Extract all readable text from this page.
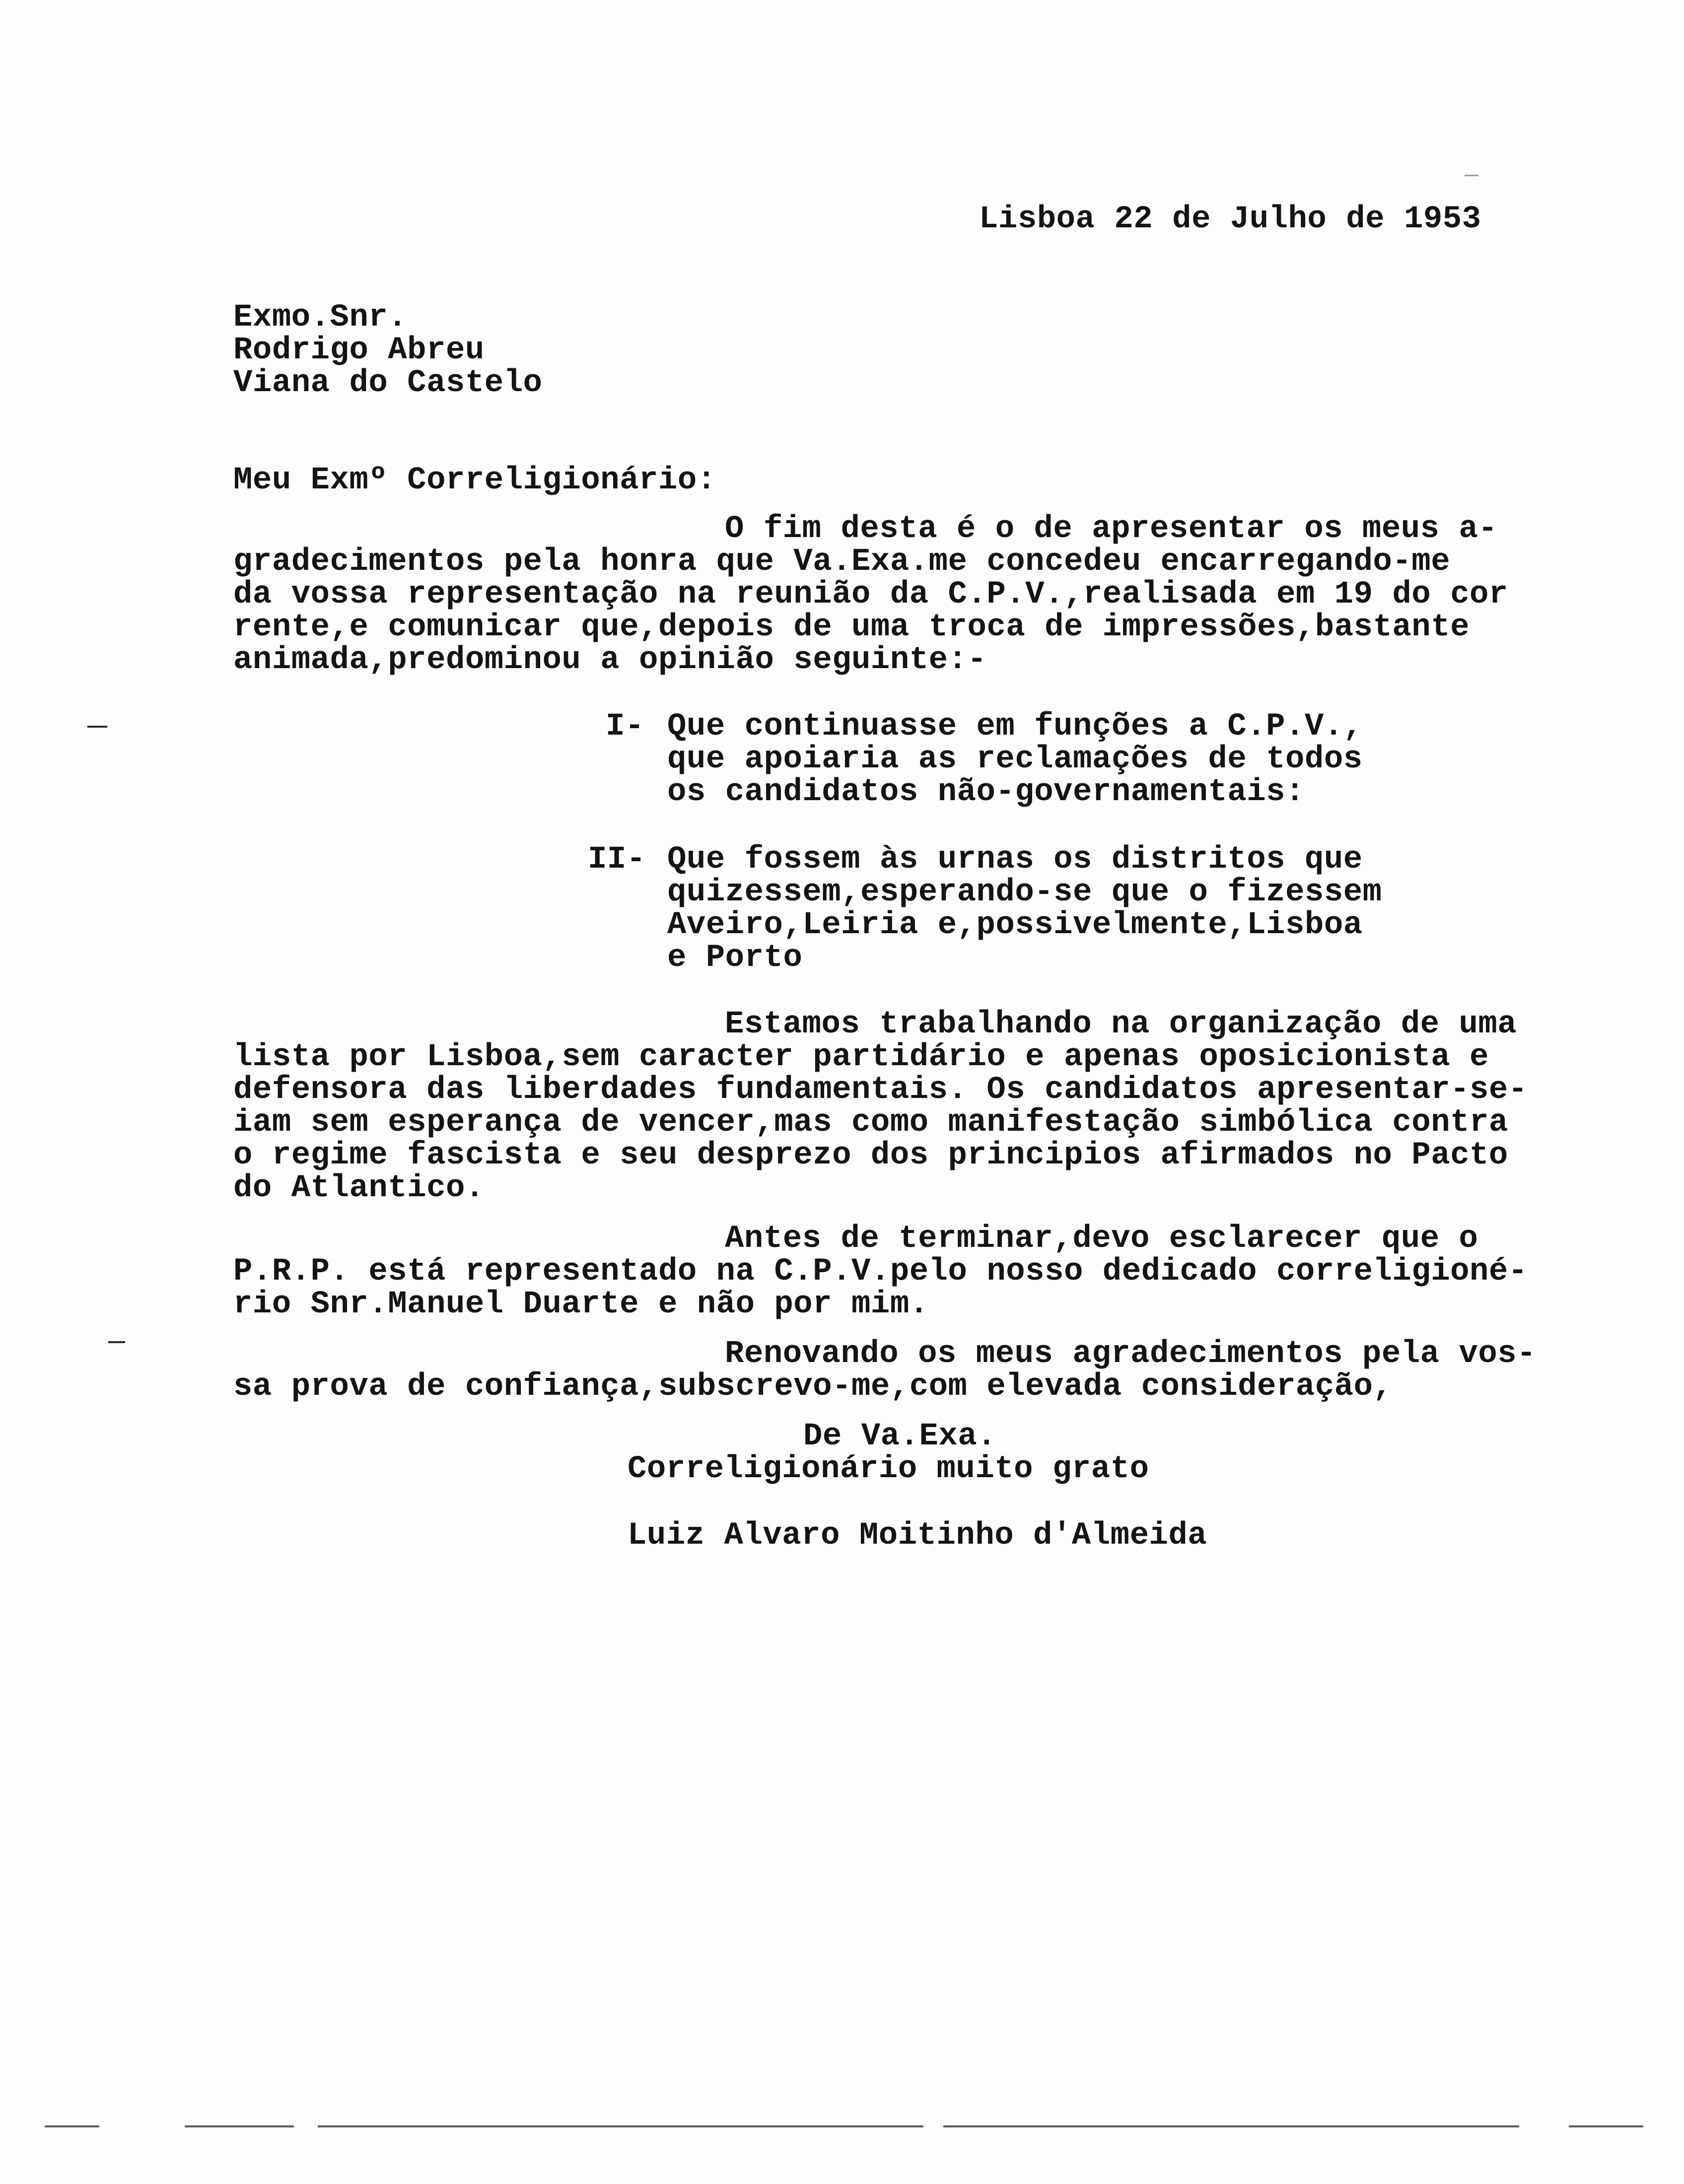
Lisboa 22 de Julho de 1953
Exmo.Snr.
Rodrigo Abreu
Viana do Castelo
Meu Exmº Correligionário:
O fim desta é o de apresentar os meus a-
gradecimentos pela honra que Va.Exa.me concedeu encarregando-me
da vossa representação na reunião da C.P.V.,realisada em 19 do cor
rente,e comunicar que,depois de uma troca de impressões,bastante
animada,predominou a opinião seguinte:-
I- Que continuasse em funções a C.P.V.,
que apoiaria as reclamações de todos
os candidatos não-governamentais:
II- Que fossem às urnas os distritos que
quizessem,esperando-se que o fizessem
Aveiro,Leiria e,possivelmente,Lisboa
e Porto
Estamos trabalhando na organização de uma
lista por Lisboa,sem caracter partidário e apenas oposicionista e
defensora das liberdades fundamentais. Os candidatos apresentar-se-
iam sem esperança de vencer,mas como manifestação simbólica contra
o regime fascista e seu desprezo dos principios afirmados no Pacto
do Atlantico.
Antes de terminar,devo esclarecer que o
P.R.P. está representado na C.P.V.pelo nosso dedicado correligioné-
rio Snr.Manuel Duarte e não por mim.
Renovando os meus agradecimentos pela vos-
sa prova de confiança,subscrevo-me,com elevada consideração,
De Va.Exa.
Correligionário muito grato
Luiz Alvaro Moitinho d'Almeida
